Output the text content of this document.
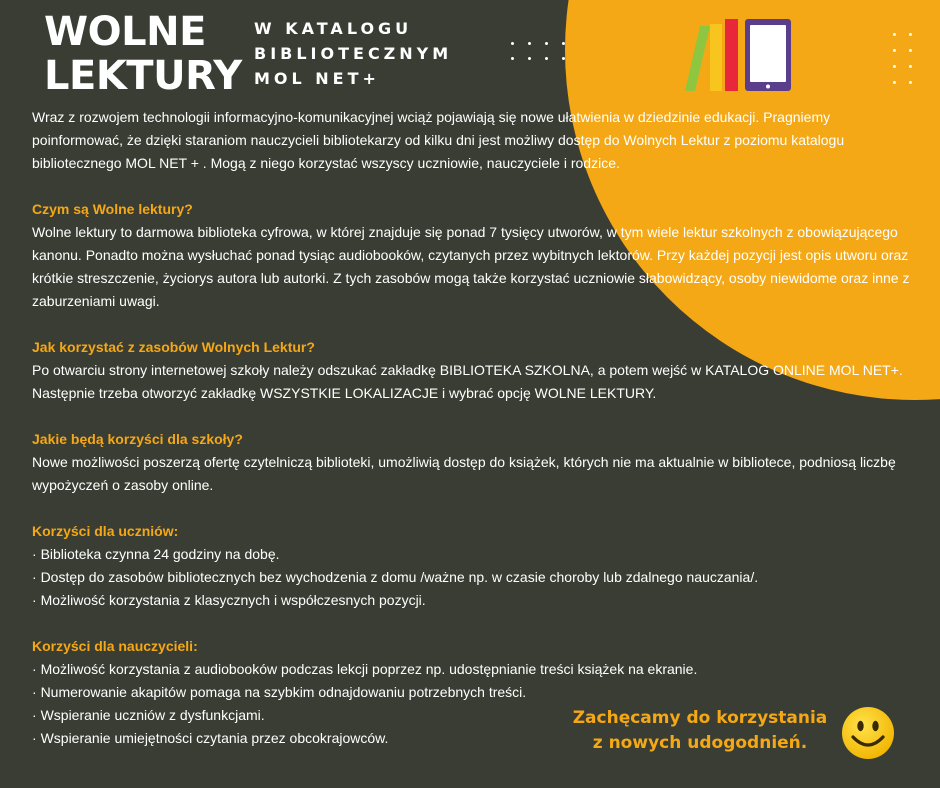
WOLNE
LEKTURY
W KATALOGU
BIBLIOTECZNYM
MOL NET+

Wraz z rozwojem technologii informacyjno-komunikacyjnej wciąż pojawiają się nowe ułatwienia w dziedzinie edukacji. Pragniemy poinformować, że dzięki staraniom nauczycieli bibliotekarzy od kilku dni jest możliwy dostęp do Wolnych Lektur z poziomu katalogu bibliotecznego MOL NET + . Mogą z niego korzystać wszyscy uczniowie, nauczyciele i rodzice.

Czym są Wolne lektury?
Wolne lektury to darmowa biblioteka cyfrowa, w której znajduje się ponad 7 tysięcy utworów, w tym wiele lektur szkolnych z obowiązującego kanonu. Ponadto można wysłuchać ponad tysiąc audiobooków, czytanych przez wybitnych lektorów. Przy każdej pozycji jest opis utworu oraz krótkie streszczenie, życiorys autora lub autorki. Z tych zasobów mogą także korzystać uczniowie słabowidzący, osoby niewidome oraz inne z zaburzeniami uwagi.

Jak korzystać z zasobów Wolnych Lektur?
Po otwarciu strony internetowej szkoły należy odszukać zakładkę BIBLIOTEKA SZKOLNA, a potem wejść w KATALOG ONLINE MOL NET+. Następnie trzeba otworzyć zakładkę WSZYSTKIE LOKALIZACJE i wybrać opcję WOLNE LEKTURY.

Jakie będą korzyści dla szkoły?
Nowe możliwości poszerzą ofertę czytelniczą biblioteki, umożliwią dostęp do książek, których nie ma aktualnie w bibliotece, podniosą liczbę wypożyczeń o zasoby online.

Korzyści dla uczniów:
· Biblioteka czynna 24 godziny na dobę.
· Dostęp do zasobów bibliotecznych bez wychodzenia z domu /ważne np. w czasie choroby lub zdalnego nauczania/.
· Możliwość korzystania z klasycznych i współczesnych pozycji.
Korzyści dla nauczycieli:
· Możliwość korzystania z audiobooków podczas lekcji poprzez np. udostępnianie treści książek na ekranie.
· Numerowanie akapitów pomaga na szybkim odnajdowaniu potrzebnych treści.
· Wspieranie uczniów z dysfunkcjami.
· Wspieranie umiejętności czytania przez obcokrajowców.
Zachęcamy do korzystania
z nowych udogodnień.
